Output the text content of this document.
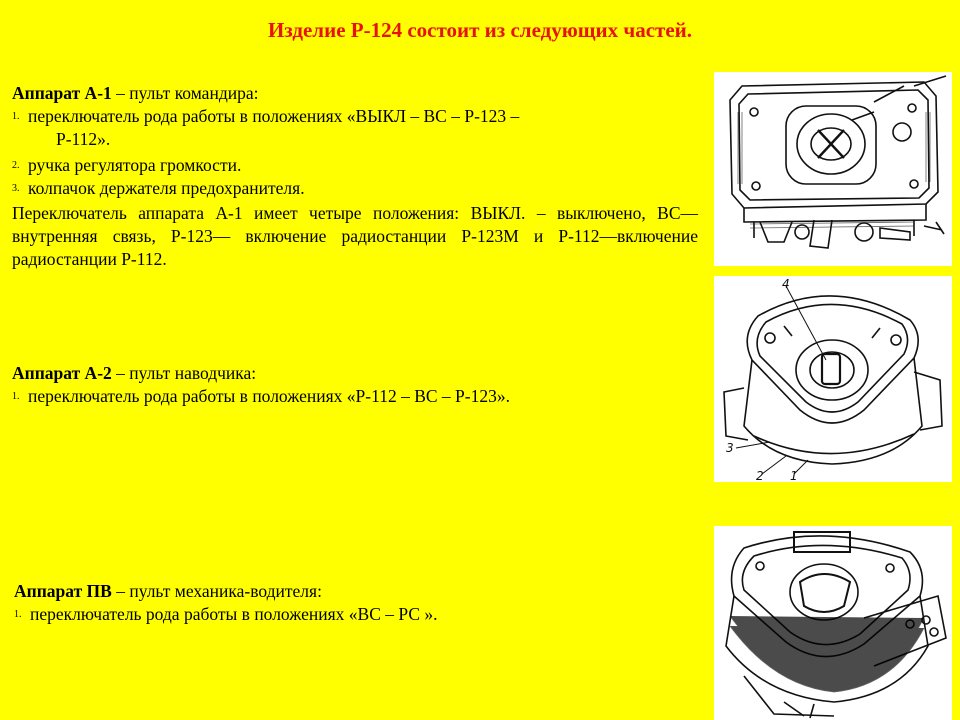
Изделие Р-124 состоит из следующих частей.
Аппарат А-1 – пульт командира:
1. переключатель рода работы в положениях «ВЫКЛ – ВС – Р-123 –
Р-112».
2. ручка регулятора громкости.
3. колпачок держателя предохранителя.
Переключатель аппарата А-1 имеет четыре положения: ВЫКЛ. – выключено, ВС—внутренняя связь, Р-123— включение радиостанции Р-123М и Р-112—включение радиостанции Р-112.
Аппарат А-2 – пульт наводчика:
1. переключатель рода работы в положениях «Р-112 – ВС – Р-123».
Аппарат ПВ – пульт механика-водителя:
1. переключатель рода работы в положениях «ВС – РС ».
4
3
2 1
